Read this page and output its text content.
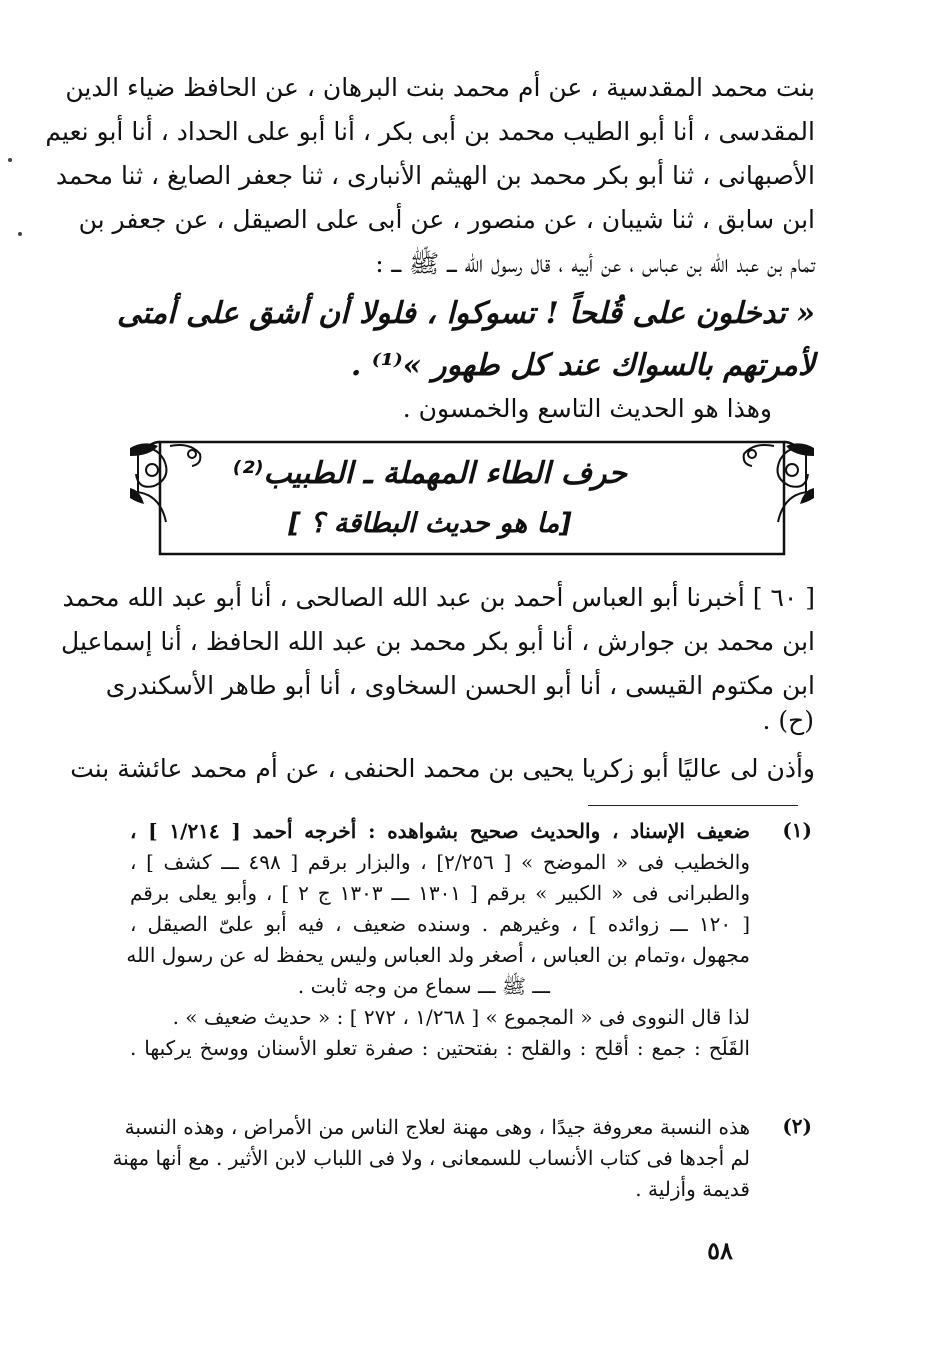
بنت محمد المقدسية ، عن أم محمد بنت البرهان ، عن الحافظ ضياء الدين
المقدسى ، أنا أبو الطيب محمد بن أبى بكر ، أنا أبو على الحداد ، أنا أبو نعيم
الأصبهانى ، ثنا أبو بكر محمد بن الهيثم الأنبارى ، ثنا جعفر الصايغ ، ثنا محمد
ابن سابق ، ثنا شيبان ، عن منصور ، عن أبى على الصيقل ، عن جعفر بن
تمام بن عبد الله بن عباس ، عن أبيه ، قال رسول الله ـــ ﷺ ـــ :
« تدخلون على قُلحاً ! تسوكوا ، فلولا أن أشق على أمتى
لأمرتهم بالسواك عند كل طهور »⁽¹⁾ .
وهذا هو الحديث التاسع والخمسون .
حرف الطاء المهملة ـ الطبيب⁽²⁾
[ما هو حديث البطاقة ؟ ]
[ ٦٠ ] أخبرنا أبو العباس أحمد بن عبد الله الصالحى ، أنا أبو عبد الله محمد
ابن محمد بن جوارش ، أنا أبو بكر محمد بن عبد الله الحافظ ، أنا إسماعيل
ابن مكتوم القيسى ، أنا أبو الحسن السخاوى ، أنا أبو طاهر الأسكندرى
(ح) .
وأذن لى عاليًا أبو زكريا يحيى بن محمد الحنفى ، عن أم محمد عائشة بنت
(١)
ضعيف الإسناد ، والحديث صحيح بشواهده : أخرجه أحمد [ ١/٢١٤ ] ،
والخطيب فى « الموضح » [ ٢/٢٥٦] ، والبزار برقم [ ٤٩٨ ـــ كشف ] ،
والطبرانى فى « الكبير » برقم [ ١٣٠١ ـــ ١٣٠٣ ج ٢ ] ، وأبو يعلى برقم
[ ١٢٠ ـــ زوائده ] ، وغيرهم . وسنده ضعيف ، فيه أبو علىّ الصيقل ،
مجهول ،وتمام بن العباس ، أصغر ولد العباس وليس يحفظ له عن رسول الله
ـــ ﷺ ـــ سماع من وجه ثابت .
لذا قال النووى فى « المجموع » [ ١/٢٦٨ ، ٢٧٢ ] : « حديث ضعيف » .
القَلَح : جمع : أقلح : والقلح : بفتحتين : صفرة تعلو الأسنان ووسخ يركبها .
(٢)
هذه النسبة معروفة جيدًا ، وهى مهنة لعلاج الناس من الأمراض ، وهذه النسبة
لم أجدها فى كتاب الأنساب للسمعانى ، ولا فى اللباب لابن الأثير . مع أنها مهنة
قديمة وأزلية .
٥٨
